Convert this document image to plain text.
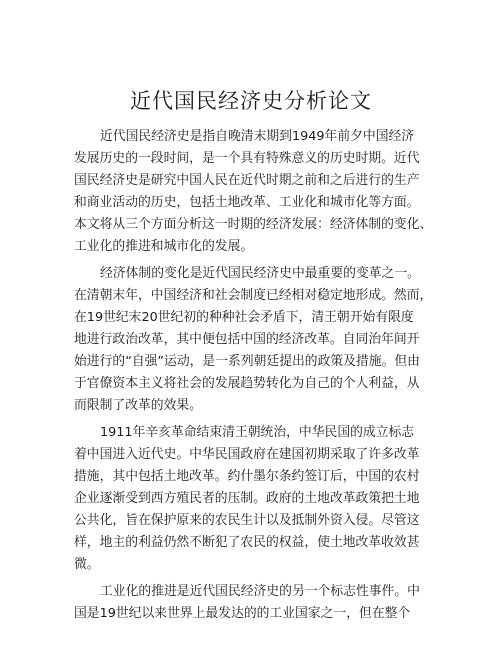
近代国民经济史分析论文
近代国民经济史是指自晚清末期到1949年前夕中国经济
发展历史的一段时间，是一个具有特殊意义的历史时期。近代
国民经济史是研究中国人民在近代时期之前和之后进行的生产
和商业活动的历史，包括土地改革、工业化和城市化等方面。
本文将从三个方面分析这一时期的经济发展：经济体制的变化、
工业化的推进和城市化的发展。
经济体制的变化是近代国民经济史中最重要的变革之一。
在清朝末年，中国经济和社会制度已经相对稳定地形成。然而，
在19世纪末20世纪初的种种社会矛盾下，清王朝开始有限度
地进行政治改革，其中便包括中国的经济改革。自同治年间开
始进行的“自强”运动，是一系列朝廷提出的政策及措施。但由
于官僚资本主义将社会的发展趋势转化为自己的个人利益，从
而限制了改革的效果。
1911年辛亥革命结束清王朝统治，中华民国的成立标志
着中国进入近代史。中华民国政府在建国初期采取了许多改革
措施，其中包括土地改革。约什墨尔条约签订后，中国的农村
企业逐渐受到西方殖民者的压制。政府的土地改革政策把土地
公共化，旨在保护原来的农民生计以及抵制外资入侵。尽管这
样，地主的利益仍然不断犯了农民的权益，使土地改革收效甚
微。
工业化的推进是近代国民经济史的另一个标志性事件。中
国是19世纪以来世界上最发达的的工业国家之一，但在整个
